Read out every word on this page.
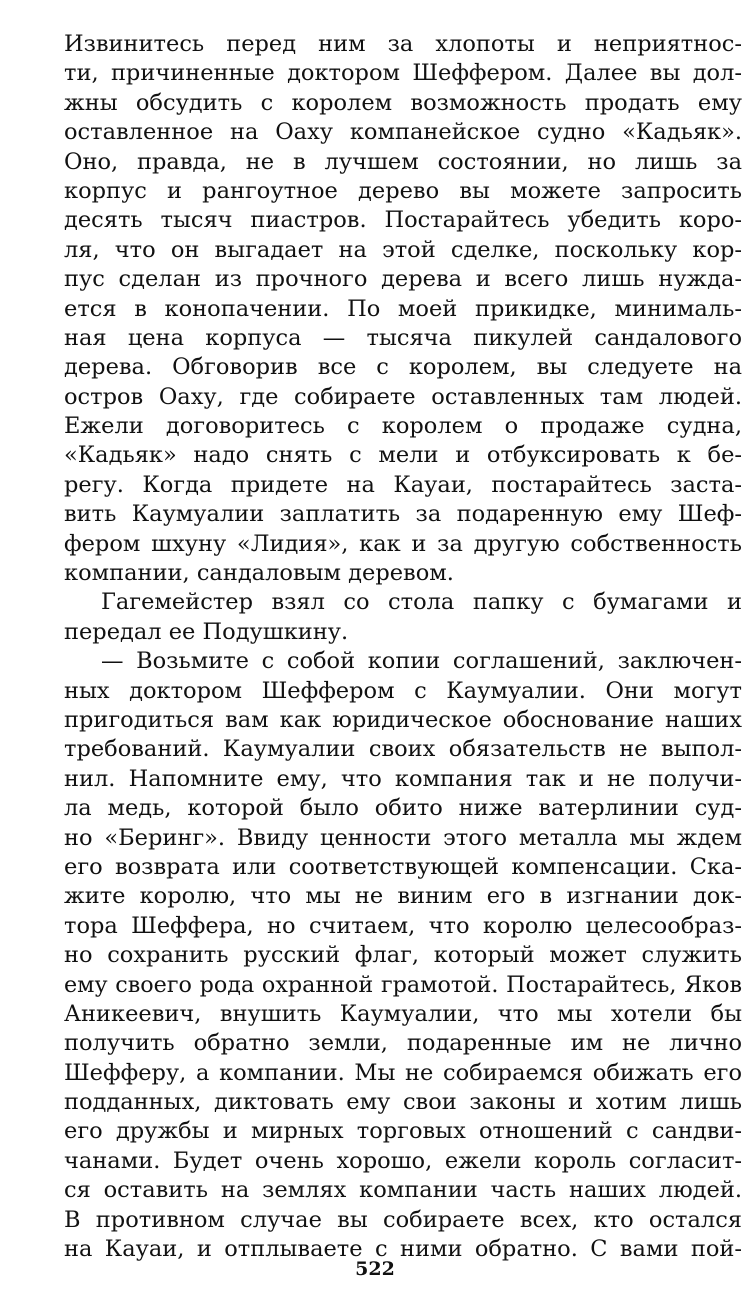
Извинитесь перед ним за хлопоты и неприятнос-
ти, причиненные доктором Шеффером. Далее вы дол-
жны обсудить с королем возможность продать ему
оставленное на Оаху компанейское судно «Кадьяк».
Оно, правда, не в лучшем состоянии, но лишь за
корпус и рангоутное дерево вы можете запросить
десять тысяч пиастров. Постарайтесь убедить коро-
ля, что он выгадает на этой сделке, поскольку кор-
пус сделан из прочного дерева и всего лишь нужда-
ется в конопачении. По моей прикидке, минималь-
ная цена корпуса — тысяча пикулей сандалового
дерева. Обговорив все с королем, вы следуете на
остров Оаху, где собираете оставленных там людей.
Ежели договоритесь с королем о продаже судна,
«Кадьяк» надо снять с мели и отбуксировать к бе-
регу. Когда придете на Кауаи, постарайтесь заста-
вить Каумуалии заплатить за подаренную ему Шеф-
фером шхуну «Лидия», как и за другую собственность
компании, сандаловым деревом.
Гагемейстер взял со стола папку с бумагами и
передал ее Подушкину.
— Возьмите с собой копии соглашений, заключен-
ных доктором Шеффером с Каумуалии. Они могут
пригодиться вам как юридическое обоснование наших
требований. Каумуалии своих обязательств не выпол-
нил. Напомните ему, что компания так и не получи-
ла медь, которой было обито ниже ватерлинии суд-
но «Беринг». Ввиду ценности этого металла мы ждем
его возврата или соответствующей компенсации. Ска-
жите королю, что мы не виним его в изгнании док-
тора Шеффера, но считаем, что королю целесообраз-
но сохранить русский флаг, который может служить
ему своего рода охранной грамотой. Постарайтесь, Яков
Аникеевич, внушить Каумуалии, что мы хотели бы
получить обратно земли, подаренные им не лично
Шефферу, а компании. Мы не собираемся обижать его
подданных, диктовать ему свои законы и хотим лишь
его дружбы и мирных торговых отношений с сандви-
чанами. Будет очень хорошо, ежели король согласит-
ся оставить на землях компании часть наших людей.
В противном случае вы собираете всех, кто остался
на Кауаи, и отплываете с ними обратно. С вами пой-
522
